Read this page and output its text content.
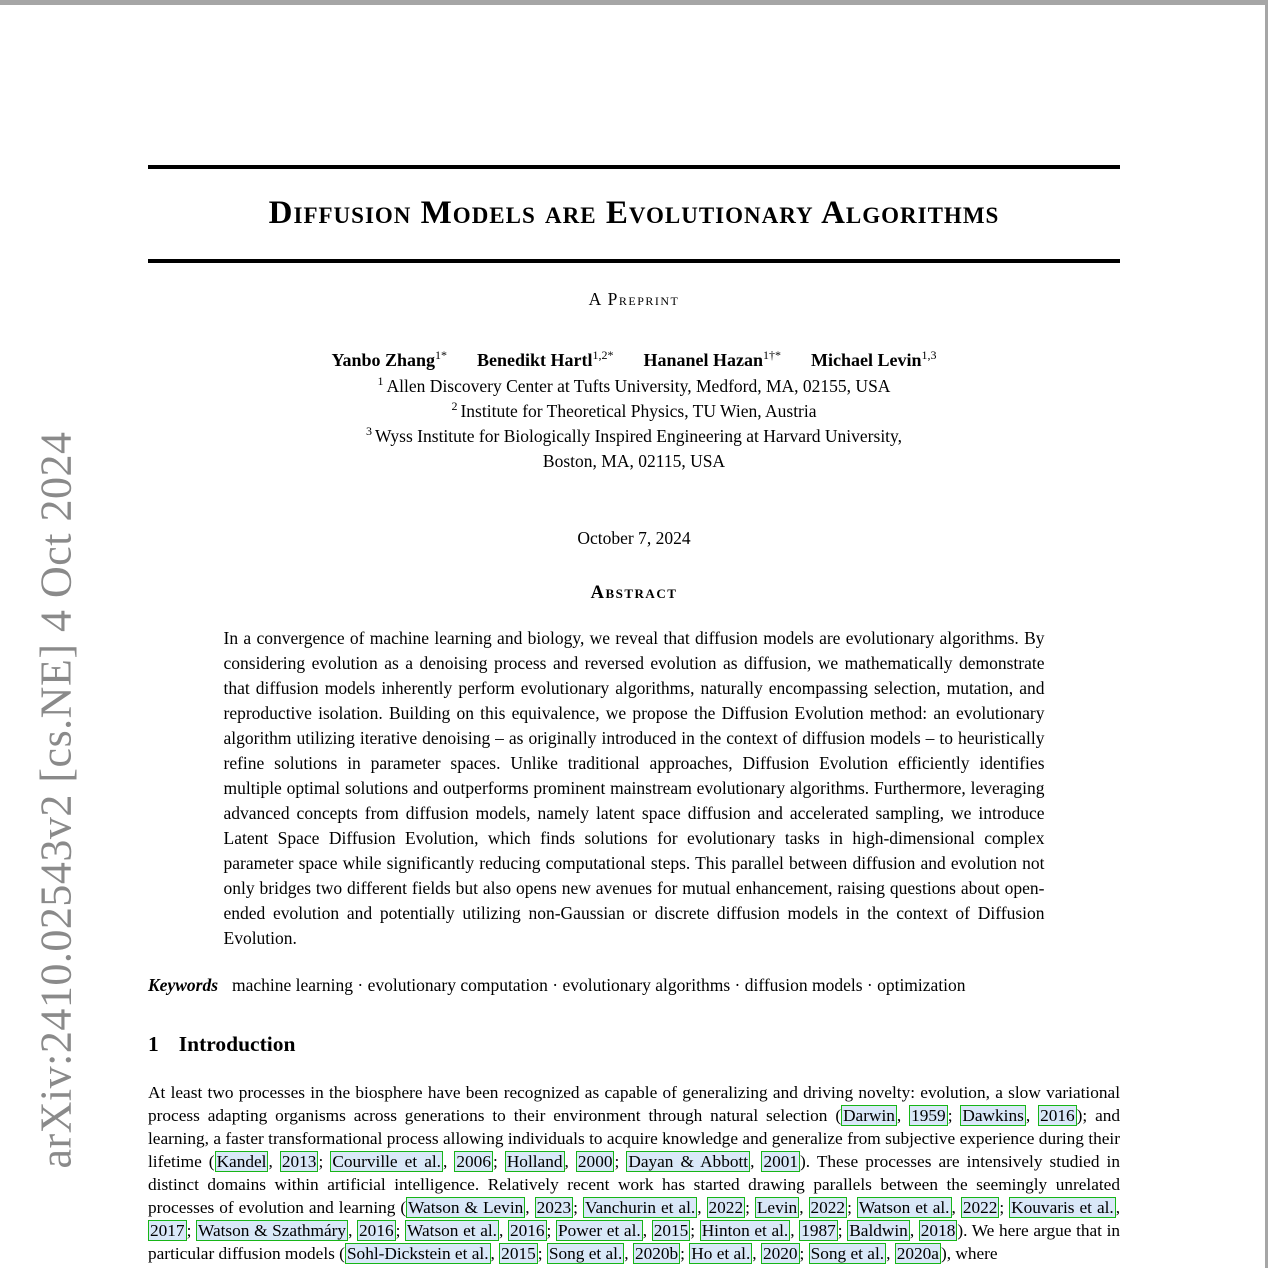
arXiv:2410.02543v2 [cs.NE] 4 Oct 2024
Diffusion Models are Evolutionary Algorithms
A Preprint
Yanbo Zhang$^{1*}$ Benedikt Hartl$^{1,2*}$ Hananel Hazan$^{1\dagger*}$ Michael Levin$^{1,3}$
$^1$ Allen Discovery Center at Tufts University, Medford, MA, 02155, USA
$^2$ Institute for Theoretical Physics, TU Wien, Austria
$^3$ Wyss Institute for Biologically Inspired Engineering at Harvard University,
Boston, MA, 02115, USA
October 7, 2024
Abstract

In a convergence of machine learning and biology, we reveal that diffusion models are evolutionary algorithms. By considering evolution as a denoising process and reversed evolution as diffusion, we mathematically demonstrate that diffusion models inherently perform evolutionary algorithms, naturally encompassing selection, mutation, and reproductive isolation. Building on this equivalence, we propose the Diffusion Evolution method: an evolutionary algorithm utilizing iterative denoising – as originally introduced in the context of diffusion models – to heuristically refine solutions in parameter spaces. Unlike traditional approaches, Diffusion Evolution efficiently identifies multiple optimal solutions and outperforms prominent mainstream evolutionary algorithms. Furthermore, leveraging advanced concepts from diffusion models, namely latent space diffusion and accelerated sampling, we introduce Latent Space Diffusion Evolution, which finds solutions for evolutionary tasks in high-dimensional complex parameter space while significantly reducing computational steps. This parallel between diffusion and evolution not only bridges two different fields but also opens new avenues for mutual enhancement, raising questions about open-ended evolution and potentially utilizing non-Gaussian or discrete diffusion models in the context of Diffusion Evolution.

Keywords machine learning · evolutionary computation · evolutionary algorithms · diffusion models · optimization
1 Introduction

At least two processes in the biosphere have been recognized as capable of generalizing and driving novelty: evolution, a slow variational process adapting organisms across generations to their environment through natural selection ( Darwin , 1959 ; Dawkins , 2016 ); and learning, a faster transformational process allowing individuals to acquire knowledge and generalize from subjective experience during their lifetime ( Kandel , 2013 ; Courville et al. , 2006 ; Holland , 2000 ; Dayan & Abbott , 2001 ). These processes are intensively studied in distinct domains within artificial intelligence. Relatively recent work has started drawing parallels between the seemingly unrelated processes of evolution and learning ( Watson & Levin , 2023 ; Vanchurin et al. , 2022 ; Levin , 2022 ; Watson et al. , 2022 ; Kouvaris et al. , 2017 ; Watson & Szathmáry , 2016 ; Watson et al. , 2016 ; Power et al. , 2015 ; Hinton et al. , 1987 ; Baldwin , 2018 ). We here argue that in particular diffusion models ( Sohl-Dickstein et al. , 2015 ; Song et al. , 2020b ; Ho et al. , 2020 ; Song et al. , 2020a ), where
